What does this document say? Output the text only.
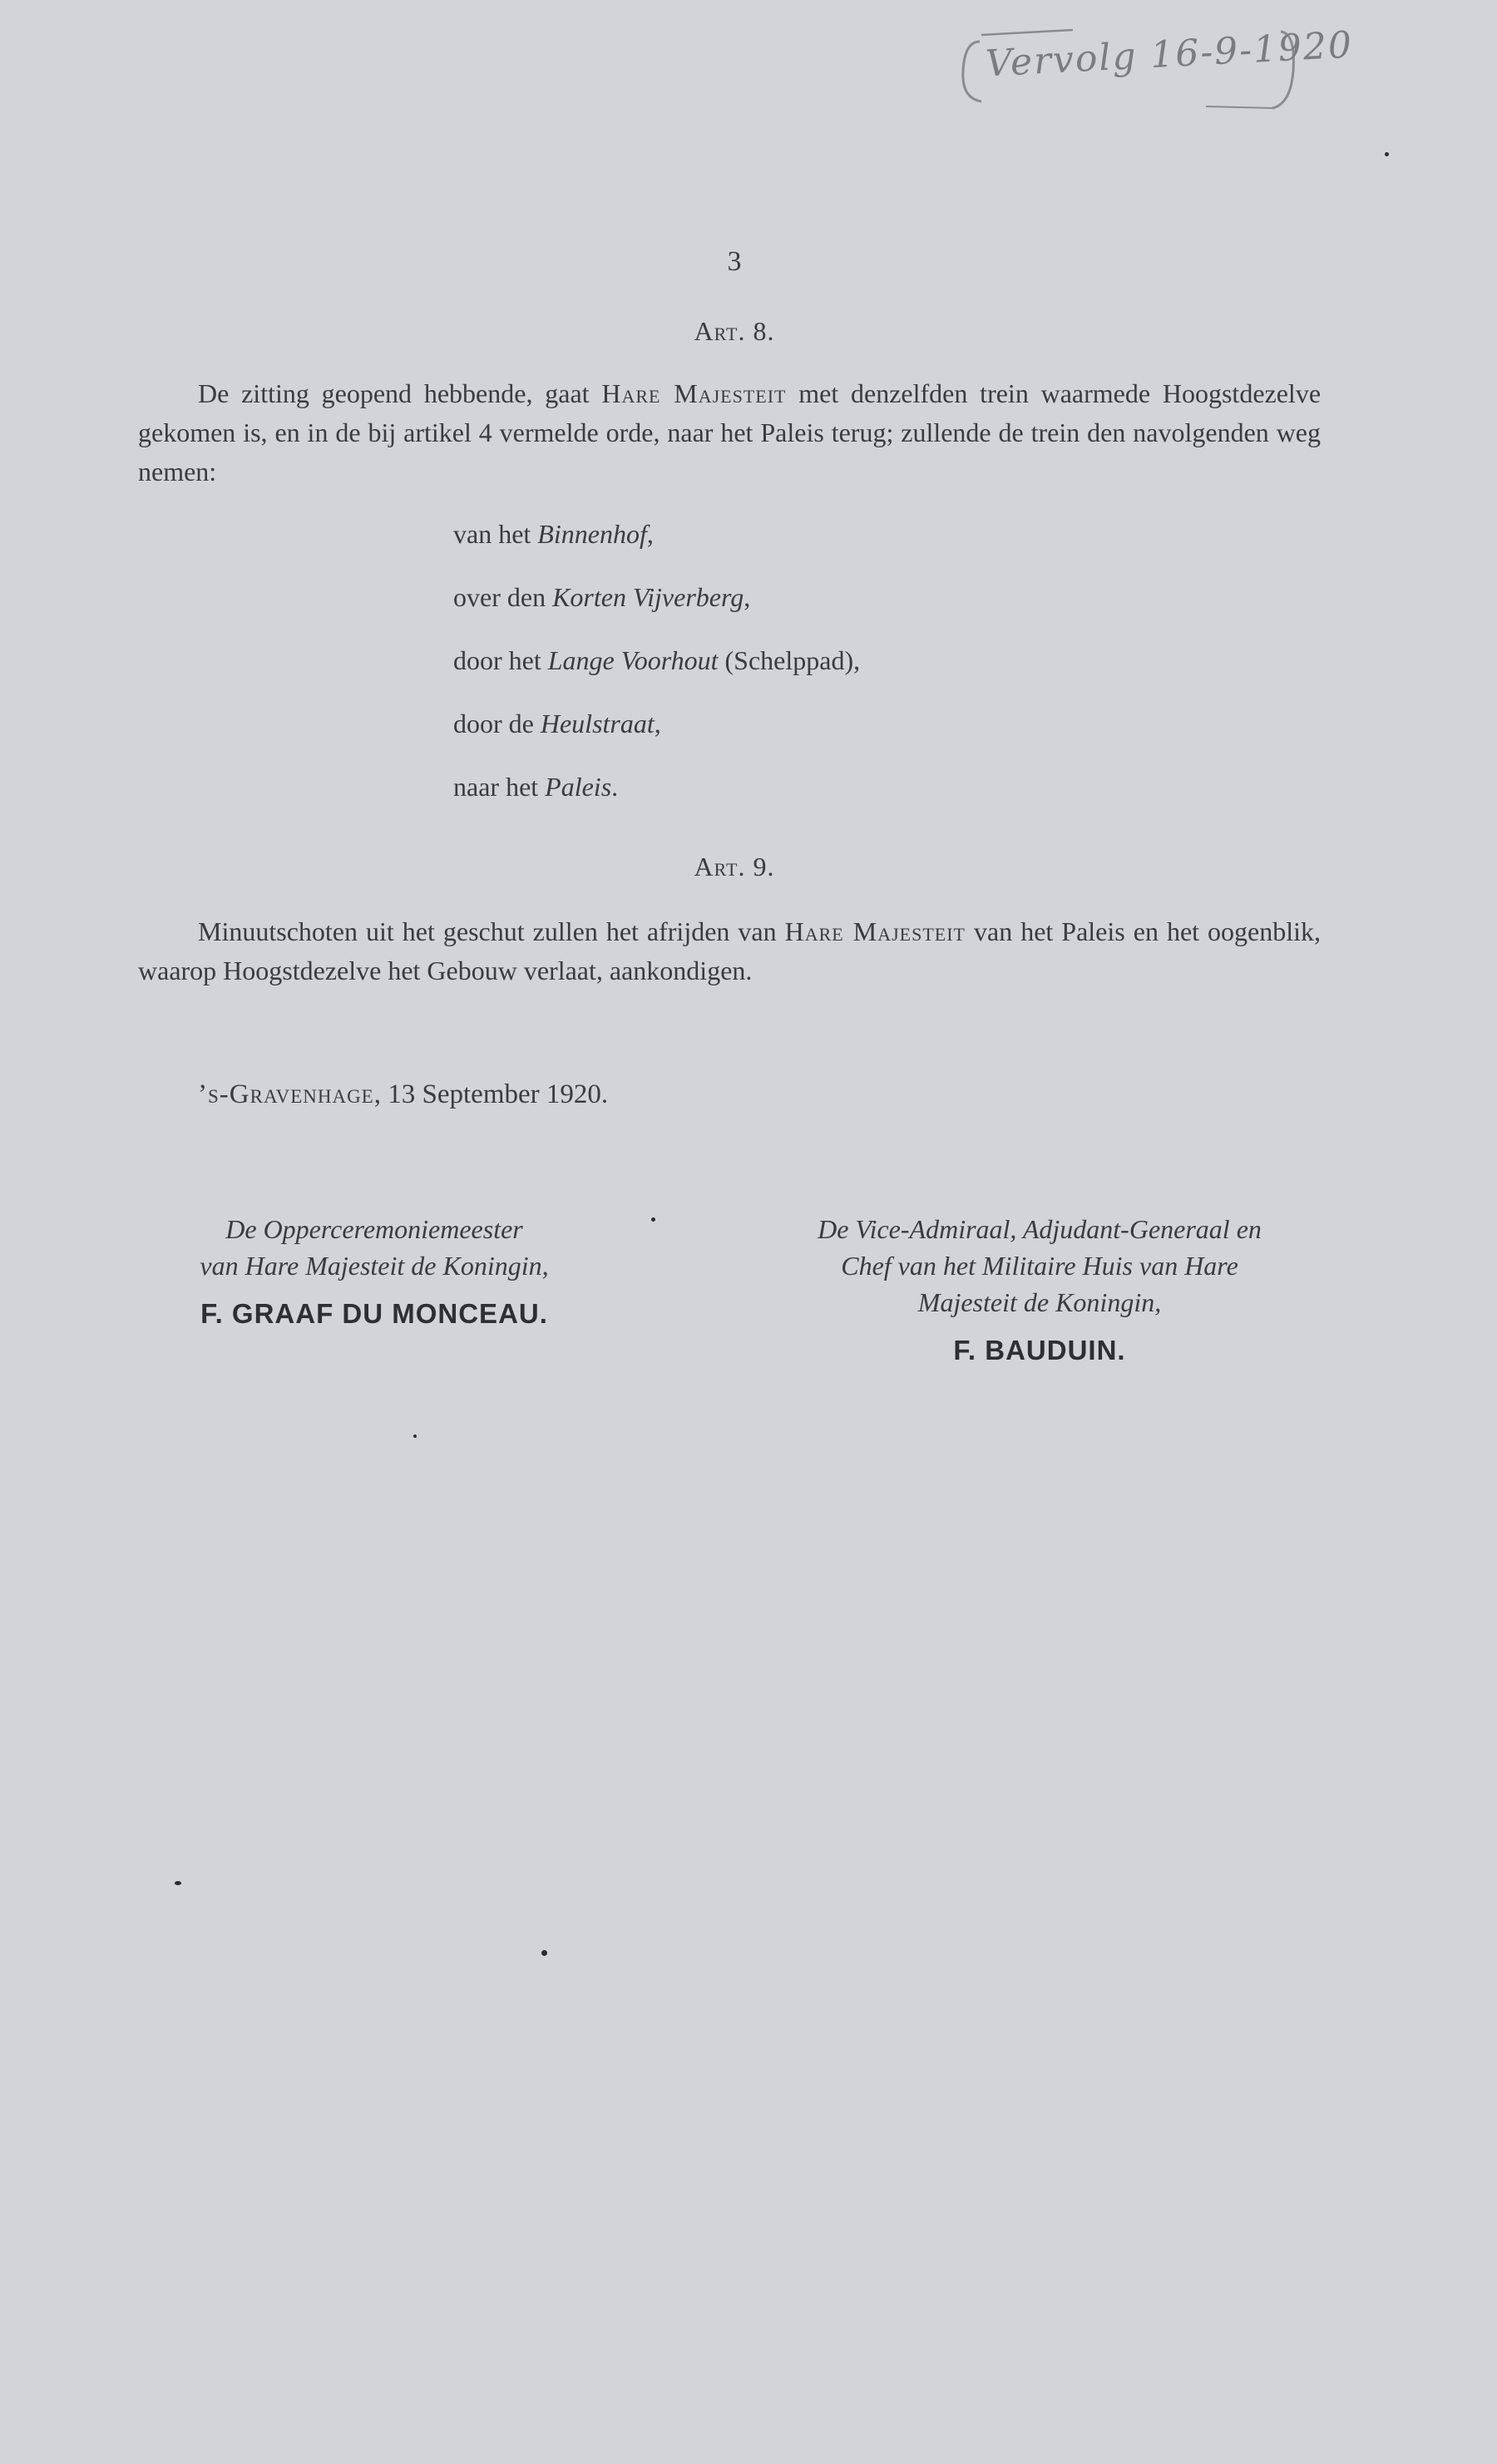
Vervolg 16-9-1920
3
Art. 8.

De zitting geopend hebbende, gaat Hare Majesteit met denzelfden trein waarmede Hoogstdezelve gekomen is, en in de bij artikel 4 vermelde orde, naar het Paleis terug; zullende de trein den navolgenden weg nemen:

van het Binnenhof,
over den Korten Vijverberg,
door het Lange Voorhout (Schelppad),
door de Heulstraat,
naar het Paleis.
Art. 9.

Minuutschoten uit het geschut zullen het afrijden van Hare Majesteit van het Paleis en het oogenblik, waarop Hoogstdezelve het Gebouw verlaat, aankondigen.

’s-Gravenhage, 13 September 1920.
De Opperceremoniemeester
van Hare Majesteit de Koningin,
F. GRAAF DU MONCEAU.
De Vice-Admiraal, Adjudant-Generaal en
Chef van het Militaire Huis van Hare
Majesteit de Koningin,
F. BAUDUIN.
